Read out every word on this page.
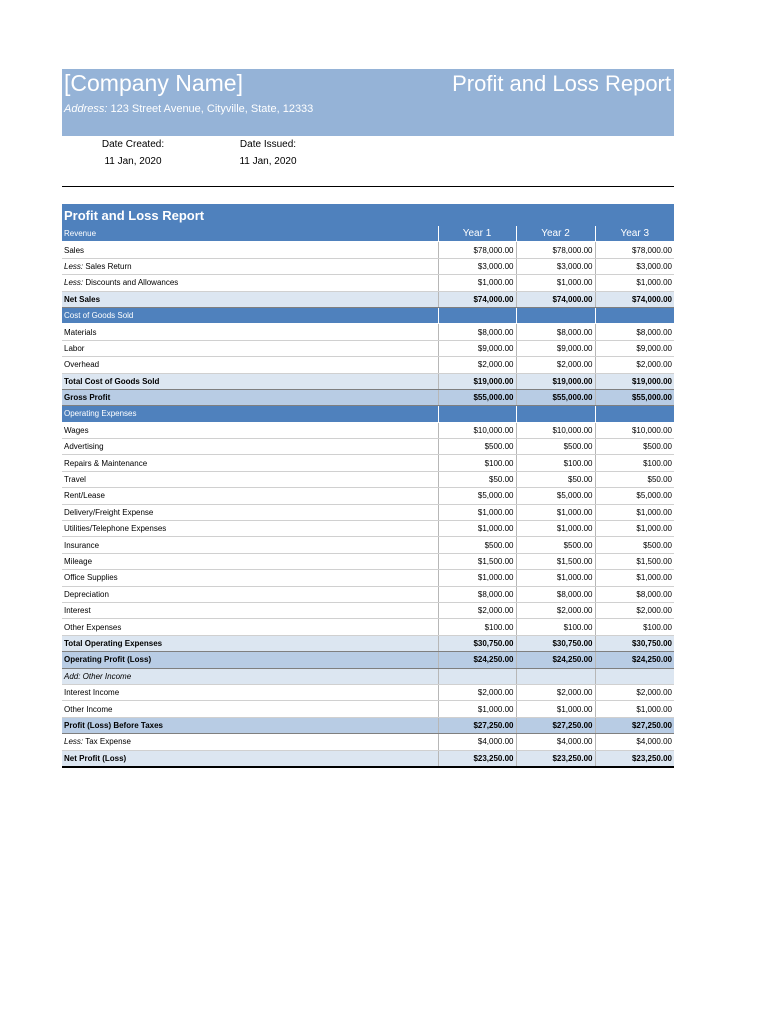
[Company Name]
Address: 123 Street Avenue, Cityville, State, 12333
Profit and Loss Report
Date Created:
11 Jan, 2020
Date Issued:
11 Jan, 2020
Profit and Loss Report			
Revenue	Year 1	Year 2	Year 3
Sales	$78,000.00	$78,000.00	$78,000.00
Less: Sales Return	$3,000.00	$3,000.00	$3,000.00
Less: Discounts and Allowances	$1,000.00	$1,000.00	$1,000.00
Net Sales	$74,000.00	$74,000.00	$74,000.00
Cost of Goods Sold			
Materials	$8,000.00	$8,000.00	$8,000.00
Labor	$9,000.00	$9,000.00	$9,000.00
Overhead	$2,000.00	$2,000.00	$2,000.00
Total Cost of Goods Sold	$19,000.00	$19,000.00	$19,000.00
Gross Profit	$55,000.00	$55,000.00	$55,000.00
Operating Expenses			
Wages	$10,000.00	$10,000.00	$10,000.00
Advertising	$500.00	$500.00	$500.00
Repairs & Maintenance	$100.00	$100.00	$100.00
Travel	$50.00	$50.00	$50.00
Rent/Lease	$5,000.00	$5,000.00	$5,000.00
Delivery/Freight Expense	$1,000.00	$1,000.00	$1,000.00
Utilities/Telephone Expenses	$1,000.00	$1,000.00	$1,000.00
Insurance	$500.00	$500.00	$500.00
Mileage	$1,500.00	$1,500.00	$1,500.00
Office Supplies	$1,000.00	$1,000.00	$1,000.00
Depreciation	$8,000.00	$8,000.00	$8,000.00
Interest	$2,000.00	$2,000.00	$2,000.00
Other Expenses	$100.00	$100.00	$100.00
Total Operating Expenses	$30,750.00	$30,750.00	$30,750.00
Operating Profit (Loss)	$24,250.00	$24,250.00	$24,250.00
Add: Other Income			
Interest Income	$2,000.00	$2,000.00	$2,000.00
Other Income	$1,000.00	$1,000.00	$1,000.00
Profit (Loss) Before Taxes	$27,250.00	$27,250.00	$27,250.00
Less: Tax Expense	$4,000.00	$4,000.00	$4,000.00
Net Profit (Loss)	$23,250.00	$23,250.00	$23,250.00
